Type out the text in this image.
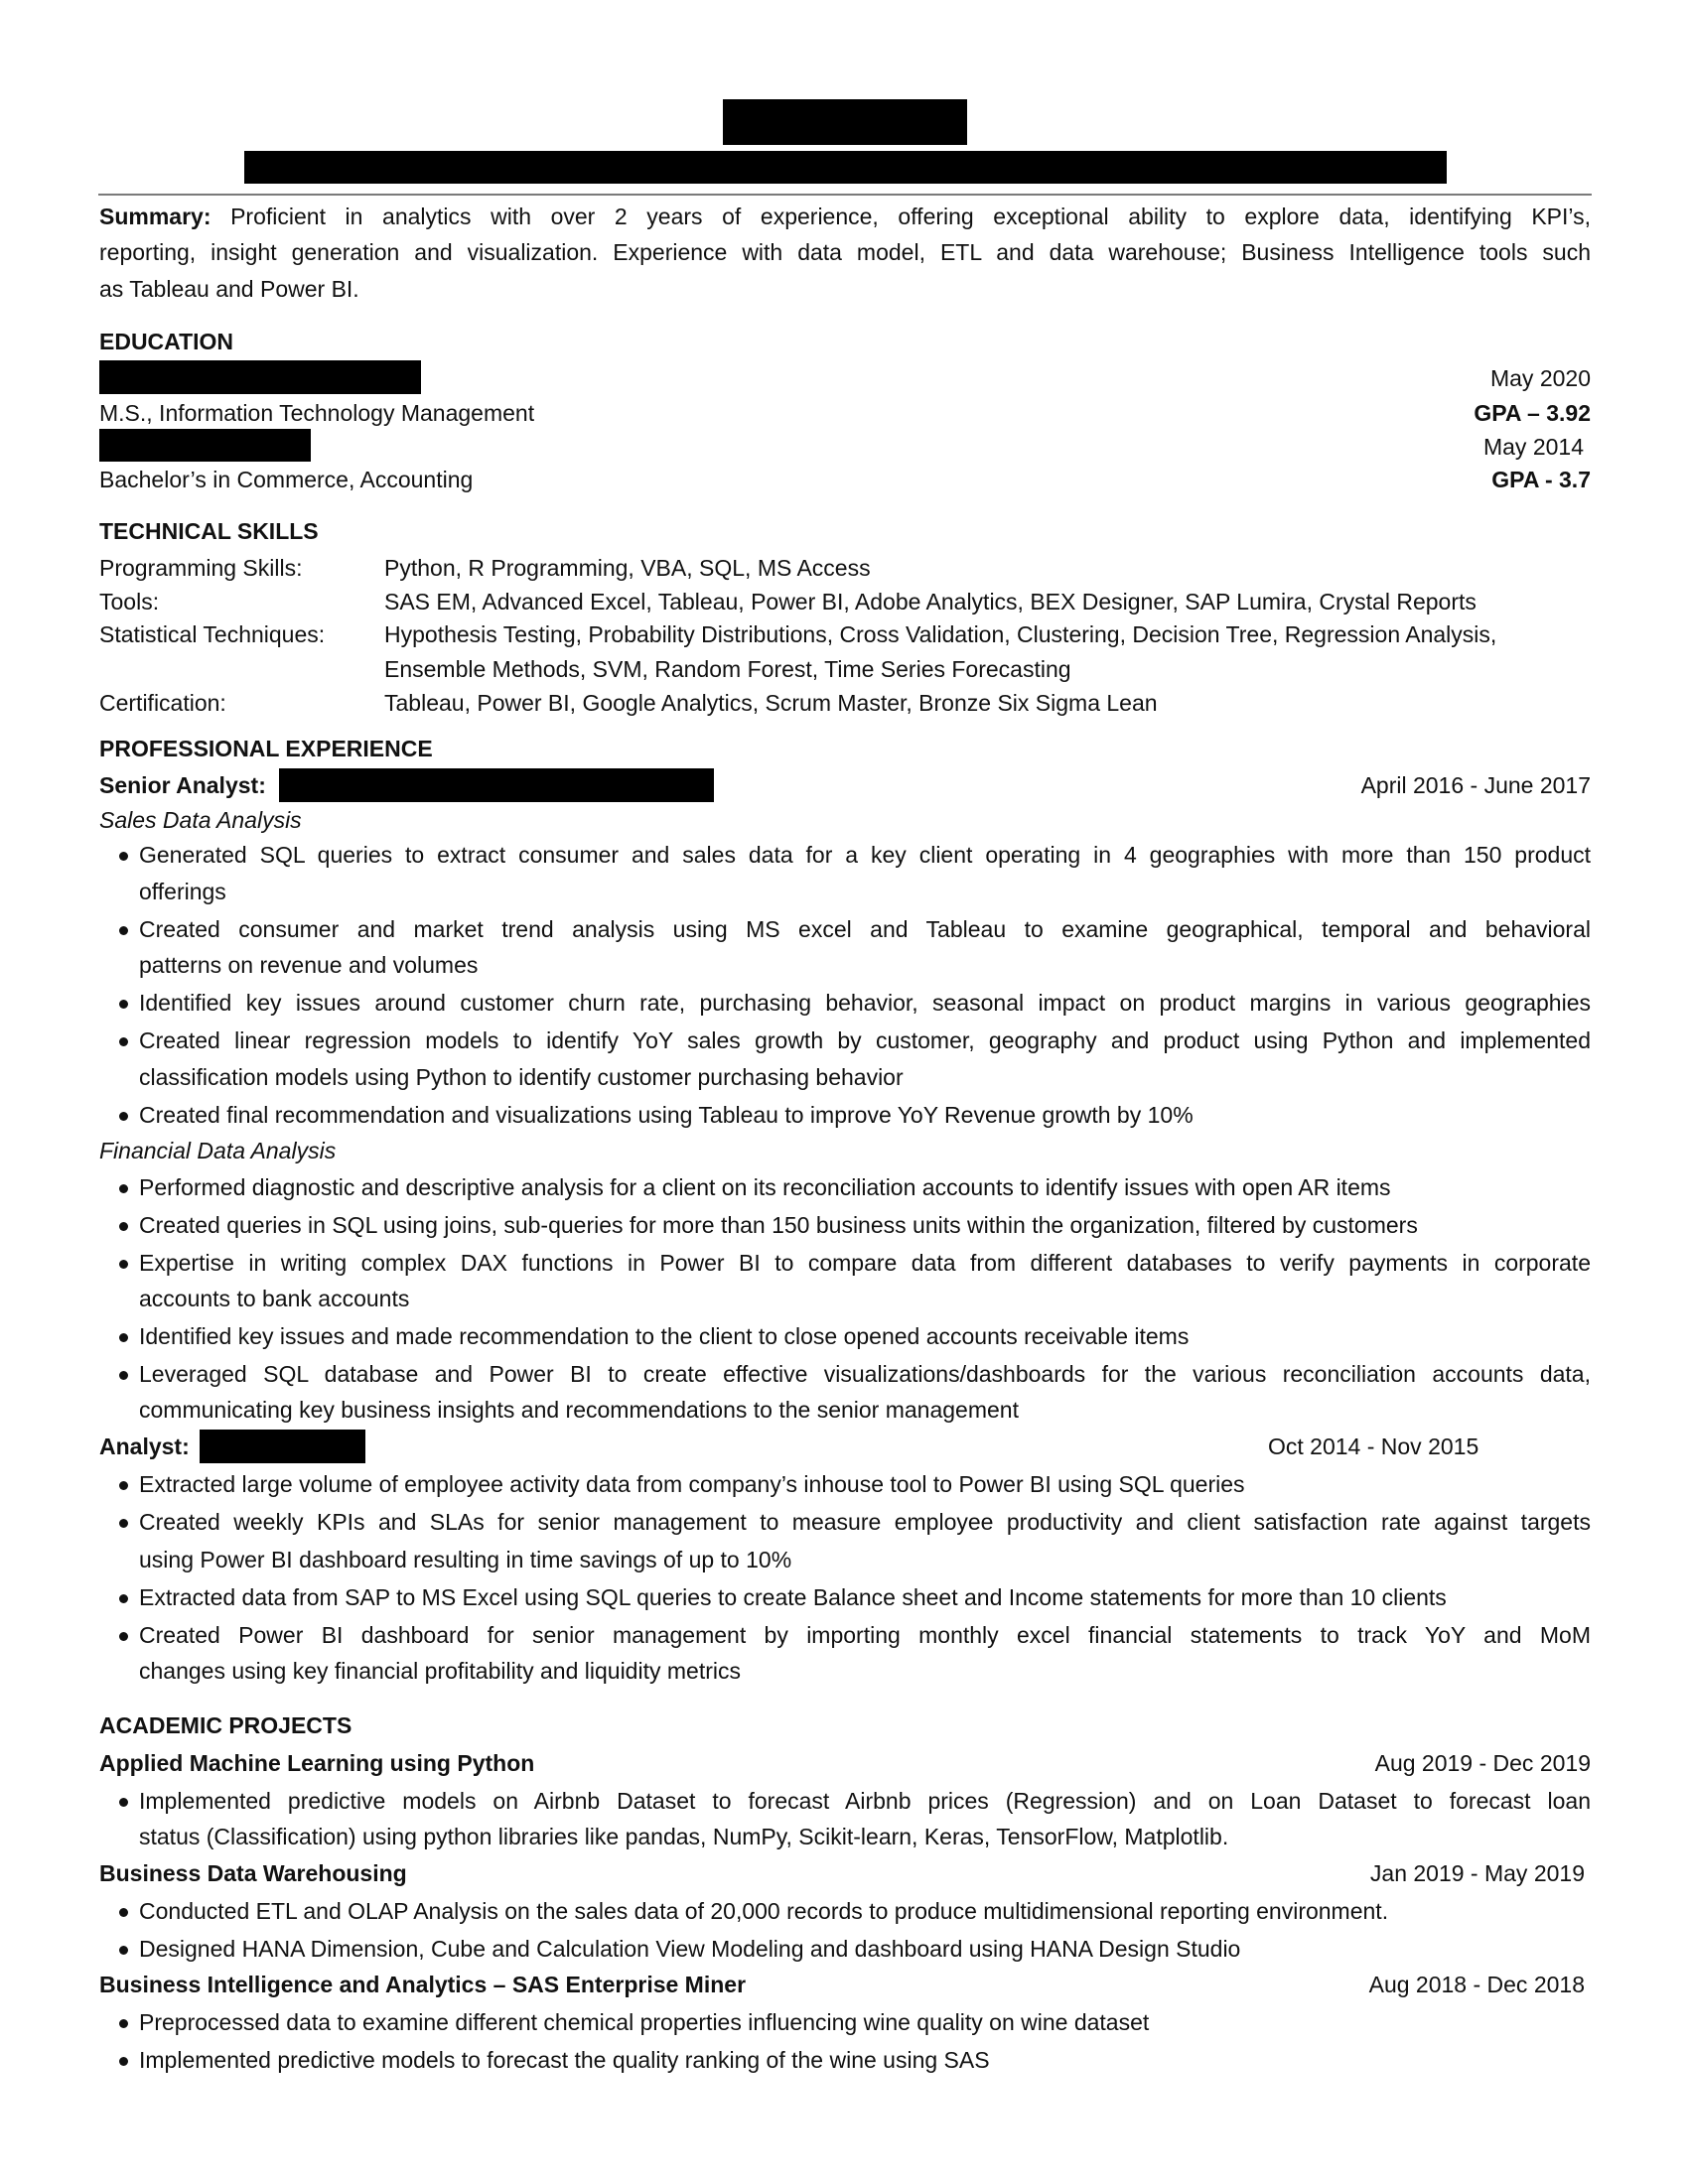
Summary: Proficient in analytics with over 2 years of experience, offering exceptional ability to explore data, identifying KPI’s,
reporting, insight generation and visualization. Experience with data model, ETL and data warehouse; Business Intelligence tools such
as Tableau and Power BI.
EDUCATION
May 2020
M.S., Information Technology Management	GPA – 3.92
May 2014
Bachelor’s in Commerce, Accounting	GPA - 3.7
TECHNICAL SKILLS
Programming Skills:	Python, R Programming, VBA, SQL, MS Access
Tools:	SAS EM, Advanced Excel, Tableau, Power BI, Adobe Analytics, BEX Designer, SAP Lumira, Crystal Reports
Statistical Techniques:	Hypothesis Testing, Probability Distributions, Cross Validation, Clustering, Decision Tree, Regression Analysis,
Ensemble Methods, SVM, Random Forest, Time Series Forecasting
Certification:	Tableau, Power BI, Google Analytics, Scrum Master, Bronze Six Sigma Lean
PROFESSIONAL EXPERIENCE
Senior Analyst:	April 2016 - June 2017
Sales Data Analysis
Generated SQL queries to extract consumer and sales data for a key client operating in 4 geographies with more than 150 product
offerings
Created consumer and market trend analysis using MS excel and Tableau to examine geographical, temporal and behavioral
patterns on revenue and volumes
Identified key issues around customer churn rate, purchasing behavior, seasonal impact on product margins in various geographies
Created linear regression models to identify YoY sales growth by customer, geography and product using Python and implemented
classification models using Python to identify customer purchasing behavior
Created final recommendation and visualizations using Tableau to improve YoY Revenue growth by 10%
Financial Data Analysis
Performed diagnostic and descriptive analysis for a client on its reconciliation accounts to identify issues with open AR items
Created queries in SQL using joins, sub-queries for more than 150 business units within the organization, filtered by customers
Expertise in writing complex DAX functions in Power BI to compare data from different databases to verify payments in corporate
accounts to bank accounts
Identified key issues and made recommendation to the client to close opened accounts receivable items
Leveraged SQL database and Power BI to create effective visualizations/dashboards for the various reconciliation accounts data,
communicating key business insights and recommendations to the senior management
Analyst:	Oct 2014 - Nov 2015
Extracted large volume of employee activity data from company’s inhouse tool to Power BI using SQL queries
Created weekly KPIs and SLAs for senior management to measure employee productivity and client satisfaction rate against targets
using Power BI dashboard resulting in time savings of up to 10%
Extracted data from SAP to MS Excel using SQL queries to create Balance sheet and Income statements for more than 10 clients
Created Power BI dashboard for senior management by importing monthly excel financial statements to track YoY and MoM
changes using key financial profitability and liquidity metrics
ACADEMIC PROJECTS
Applied Machine Learning using Python	Aug 2019 - Dec 2019
Implemented predictive models on Airbnb Dataset to forecast Airbnb prices (Regression) and on Loan Dataset to forecast loan
status (Classification) using python libraries like pandas, NumPy, Scikit-learn, Keras, TensorFlow, Matplotlib.
Business Data Warehousing	Jan 2019 - May 2019
Conducted ETL and OLAP Analysis on the sales data of 20,000 records to produce multidimensional reporting environment.
Designed HANA Dimension, Cube and Calculation View Modeling and dashboard using HANA Design Studio
Business Intelligence and Analytics – SAS Enterprise Miner	Aug 2018 - Dec 2018
Preprocessed data to examine different chemical properties influencing wine quality on wine dataset
Implemented predictive models to forecast the quality ranking of the wine using SAS
